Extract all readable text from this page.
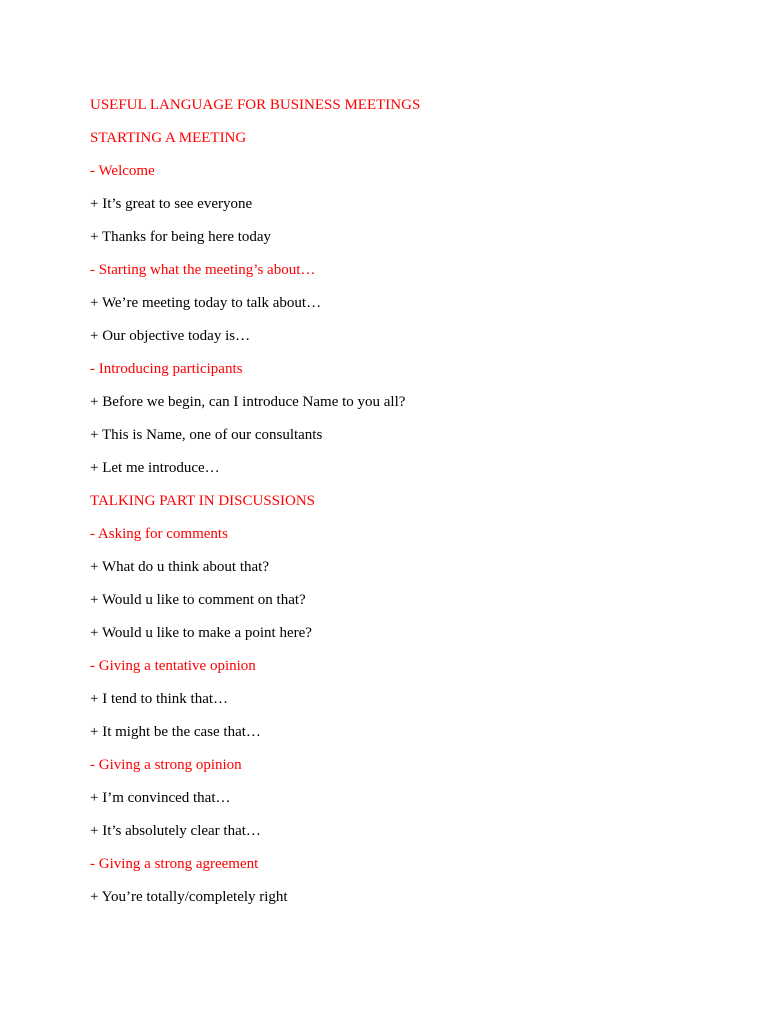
USEFUL LANGUAGE FOR BUSINESS MEETINGS
STARTING A MEETING
- Welcome
+ It’s great to see everyone
+ Thanks for being here today
- Starting what the meeting’s about…
+ We’re meeting today to talk about…
+ Our objective today is…
- Introducing participants
+ Before we begin, can I introduce Name to you all?
+ This is Name, one of our consultants
+ Let me introduce…
TALKING PART IN DISCUSSIONS
- Asking for comments
+ What do u think about that?
+ Would u like to comment on that?
+ Would u like to make a point here?
- Giving a tentative opinion
+ I tend to think that…
+ It might be the case that…
- Giving a strong opinion
+ I’m convinced that…
+ It’s absolutely clear that…
- Giving a strong agreement
+ You’re totally/completely right
